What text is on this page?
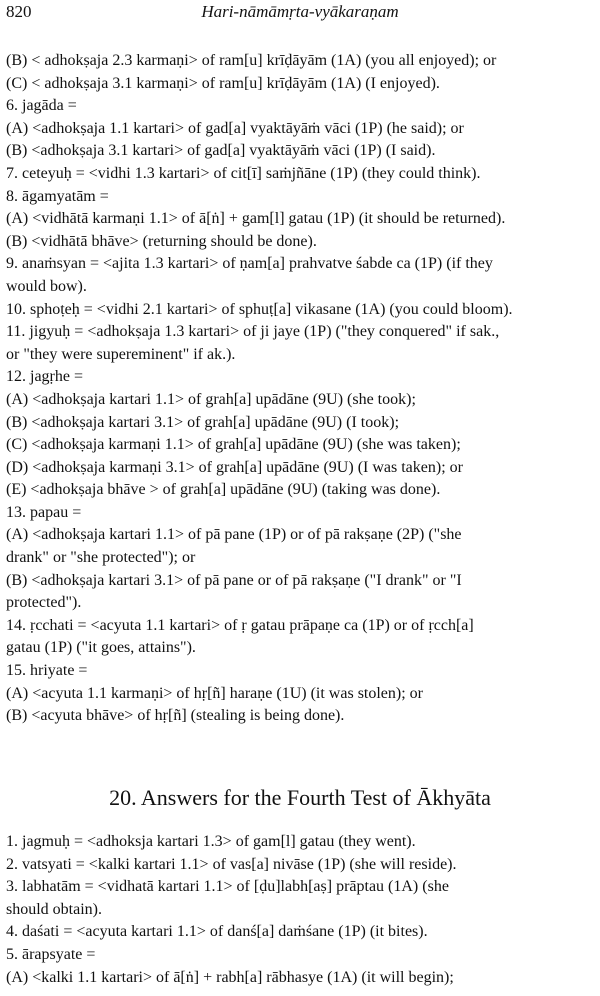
820	Hari-nāmāmṛta-vyākaraṇam

(B) < adhokṣaja 2.3 karmaṇi> of ram[u] krīḍāyām (1A) (you all enjoyed); or

(C) < adhokṣaja 3.1 karmaṇi> of ram[u] krīḍāyām (1A) (I enjoyed).

6. jagāda =

(A) <adhokṣaja 1.1 kartari> of gad[a] vyaktāyāṁ vāci (1P) (he said); or

(B) <adhokṣaja 3.1 kartari> of gad[a] vyaktāyāṁ vāci (1P) (I said).

7. ceteyuḥ = <vidhi 1.3 kartari> of cit[ī] saṁjñāne (1P) (they could think).

8. āgamyatām =

(A) <vidhātā karmaṇi 1.1> of ā[ṅ] + gam[l] gatau (1P) (it should be returned).

(B) <vidhātā bhāve> (returning should be done).

9. anaṁsyan = <ajita 1.3 kartari> of ṇam[a] prahvatve śabde ca (1P) (if they

would bow).

10. sphoṭeḥ = <vidhi 2.1 kartari> of sphuṭ[a] vikasane (1A) (you could bloom).

11. jigyuḥ = <adhokṣaja 1.3 kartari> of ji jaye (1P) ("they conquered" if sak.,

or "they were supereminent" if ak.).

12. jagṛhe =

(A) <adhokṣaja kartari 1.1> of grah[a] upādāne (9U) (she took);

(B) <adhokṣaja kartari 3.1> of grah[a] upādāne (9U) (I took);

(C) <adhokṣaja karmaṇi 1.1> of grah[a] upādāne (9U) (she was taken);

(D) <adhokṣaja karmaṇi 3.1> of grah[a] upādāne (9U) (I was taken); or

(E) <adhokṣaja bhāve > of grah[a] upādāne (9U) (taking was done).

13. papau =

(A) <adhokṣaja kartari 1.1> of pā pane (1P) or of pā rakṣaṇe (2P) ("she

drank" or "she protected"); or

(B) <adhokṣaja kartari 3.1> of pā pane or of pā rakṣaṇe ("I drank" or "I

protected").

14. ṛcchati = <acyuta 1.1 kartari> of ṛ gatau prāpaṇe ca (1P) or of ṛcch[a]

gatau (1P) ("it goes, attains").

15. hriyate =

(A) <acyuta 1.1 karmaṇi> of hṛ[ñ] haraṇe (1U) (it was stolen); or

(B) <acyuta bhāve> of hṛ[ñ] (stealing is being done).

20. Answers for the Fourth Test of Ākhyāta

1. jagmuḥ = <adhoksja kartari 1.3> of gam[l] gatau (they went).

2. vatsyati = <kalki kartari 1.1> of vas[a] nivāse (1P) (she will reside).

3. labhatām = <vidhatā kartari 1.1> of [ḍu]labh[aṣ] prāptau (1A) (she

should obtain).

4. daśati = <acyuta kartari 1.1> of danś[a] daṁśane (1P) (it bites).

5. ārapsyate =

(A) <kalki 1.1 kartari> of ā[ṅ] + rabh[a] rābhasye (1A) (it will begin);
